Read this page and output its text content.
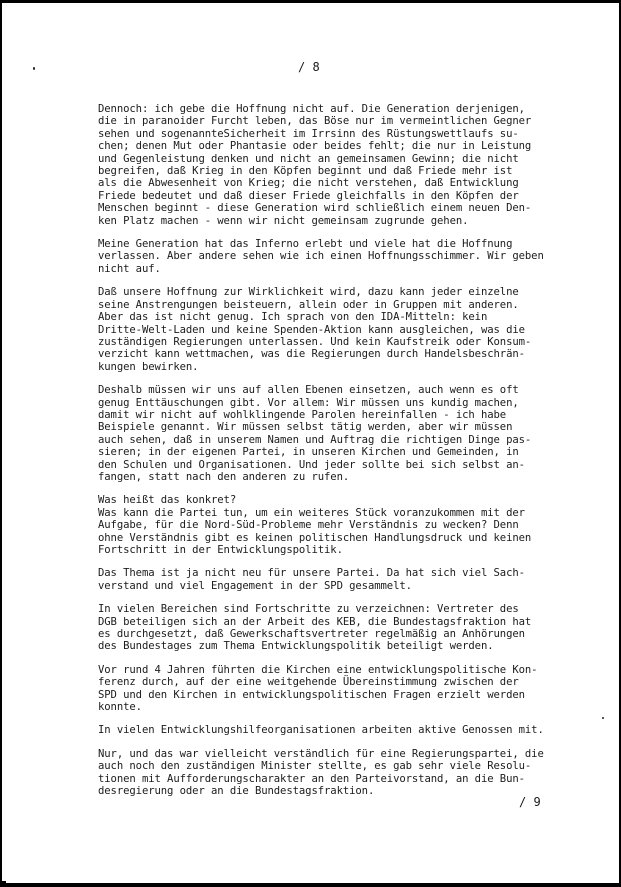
/ 8

Dennoch: ich gebe die Hoffnung nicht auf. Die Generation derjenigen,
die in paranoider Furcht leben, das Böse nur im vermeintlichen Gegner
sehen und sogenannteSicherheit im Irrsinn des Rüstungswettlaufs su-
chen; denen Mut oder Phantasie oder beides fehlt; die nur in Leistung
und Gegenleistung denken und nicht an gemeinsamen Gewinn; die nicht
begreifen, daß Krieg in den Köpfen beginnt und daß Friede mehr ist
als die Abwesenheit von Krieg; die nicht verstehen, daß Entwicklung
Friede bedeutet und daß dieser Friede gleichfalls in den Köpfen der
Menschen beginnt - diese Generation wird schließlich einem neuen Den-
ken Platz machen - wenn wir nicht gemeinsam zugrunde gehen.

Meine Generation hat das Inferno erlebt und viele hat die Hoffnung
verlassen. Aber andere sehen wie ich einen Hoffnungsschimmer. Wir geben
nicht auf.

Daß unsere Hoffnung zur Wirklichkeit wird, dazu kann jeder einzelne
seine Anstrengungen beisteuern, allein oder in Gruppen mit anderen.
Aber das ist nicht genug. Ich sprach von den IDA-Mitteln: kein
Dritte-Welt-Laden und keine Spenden-Aktion kann ausgleichen, was die
zuständigen Regierungen unterlassen. Und kein Kaufstreik oder Konsum-
verzicht kann wettmachen, was die Regierungen durch Handelsbeschrän-
kungen bewirken.

Deshalb müssen wir uns auf allen Ebenen einsetzen, auch wenn es oft
genug Enttäuschungen gibt. Vor allem: Wir müssen uns kundig machen,
damit wir nicht auf wohlklingende Parolen hereinfallen - ich habe
Beispiele genannt. Wir müssen selbst tätig werden, aber wir müssen
auch sehen, daß in unserem Namen und Auftrag die richtigen Dinge pas-
sieren; in der eigenen Partei, in unseren Kirchen und Gemeinden, in
den Schulen und Organisationen. Und jeder sollte bei sich selbst an-
fangen, statt nach den anderen zu rufen.

Was heißt das konkret?
Was kann die Partei tun, um ein weiteres Stück voranzukommen mit der
Aufgabe, für die Nord-Süd-Probleme mehr Verständnis zu wecken? Denn
ohne Verständnis gibt es keinen politischen Handlungsdruck und keinen
Fortschritt in der Entwicklungspolitik.

Das Thema ist ja nicht neu für unsere Partei. Da hat sich viel Sach-
verstand und viel Engagement in der SPD gesammelt.

In vielen Bereichen sind Fortschritte zu verzeichnen: Vertreter des
DGB beteiligen sich an der Arbeit des KEB, die Bundestagsfraktion hat
es durchgesetzt, daß Gewerkschaftsvertreter regelmäßig an Anhörungen
des Bundestages zum Thema Entwicklungspolitik beteiligt werden.

Vor rund 4 Jahren führten die Kirchen eine entwicklungspolitische Kon-
ferenz durch, auf der eine weitgehende Übereinstimmung zwischen der
SPD und den Kirchen in entwicklungspolitischen Fragen erzielt werden
konnte.

In vielen Entwicklungshilfeorganisationen arbeiten aktive Genossen mit.

Nur, und das war vielleicht verständlich für eine Regierungspartei, die
auch noch den zuständigen Minister stellte, es gab sehr viele Resolu-
tionen mit Aufforderungscharakter an den Parteivorstand, an die Bun-
desregierung oder an die Bundestagsfraktion.

/ 9
